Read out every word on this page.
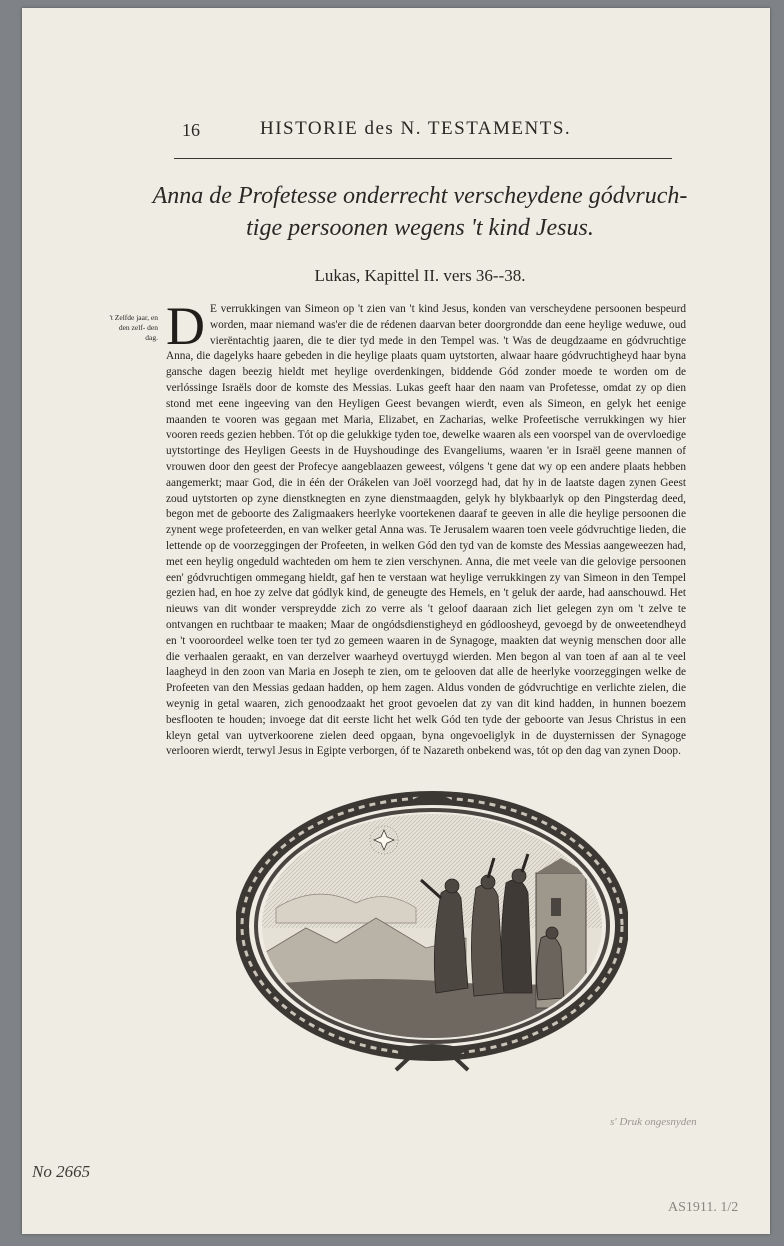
16	HISTORIE des N. TESTAMENTS.
Anna de Profetesse onderrecht verscheydene gódvruch-
tige persoonen wegens 't kind Jesus.
Lukas, Kapittel II. vers 36--38.
't Zelfde jaar, en den zelf- den dag. D E verrukkingen van Simeon op 't zien van 't kind Jesus, konden van verscheydene persoonen bespeurd worden, maar niemand was'er die de rédenen daarvan beter doorgrondde dan eene heylige weduwe, oud vierëntachtig jaaren, die te dier tyd mede in den Tempel was. 't Was de deugdzaame en gódvruchtige Anna, die dagelyks haare gebeden in die heylige plaats quam uytstorten, alwaar haare gódvruchtigheyd haar byna gansche dagen beezig hieldt met heylige overdenkingen, biddende Gód zonder moede te worden om de verlóssinge Israëls door de komste des Messias. Lukas geeft haar den naam van Profetesse, omdat zy op dien stond met eene ingeeving van den Heyligen Geest bevangen wierdt, even als Simeon, en gelyk het eenige maanden te vooren was gegaan met Maria, Elizabet, en Zacharias, welke Profeetische verrukkingen wy hier vooren reeds gezien hebben. Tót op die gelukkige tyden toe, dewelke waaren als een voorspel van de overvloedige uytstortinge des Heyligen Geests in de Huyshoudinge des Evangeliums, waaren 'er in Israël geene mannen of vrouwen door den geest der Profecye aangeblaazen geweest, vólgens 't gene dat wy op een andere plaats hebben aangemerkt; maar God, die in één der Orákelen van Joël voorzegd had, dat hy in de laatste dagen zynen Geest zoud uytstorten op zyne dienstknegten en zyne dienstmaagden, gelyk hy blykbaarlyk op den Pingsterdag deed, begon met de geboorte des Zaligmaakers heerlyke voortekenen daaraf te geeven in alle die heylige persoonen die zynent wege profeteerden, en van welker getal Anna was. Te Jerusalem waaren toen veele gódvruchtige lieden, die lettende op de voorzeggingen der Profeeten, in welken Gód den tyd van de komste des Messias aangeweezen had, met een heylig ongeduld wachteden om hem te zien verschynen. Anna, die met veele van die gelovige persoonen een' gódvruchtigen ommegang hieldt, gaf hen te verstaan wat heylige verrukkingen zy van Simeon in den Tempel gezien had, en hoe zy zelve dat gódlyk kind, de geneugte des Hemels, en 't geluk der aarde, had aanschouwd. Het nieuws van dit wonder verspreydde zich zo verre als 't geloof daaraan zich liet gelegen zyn om 't zelve te ontvangen en ruchtbaar te maaken; Maar de ongódsdienstigheyd en gódloosheyd, gevoegd by de onweetendheyd en 't vooroordeel welke toen ter tyd zo gemeen waaren in de Synagoge, maakten dat weynig menschen door alle die verhaalen geraakt, en van derzelver waarheyd overtuygd wierden. Men begon al van toen af aan al te veel laagheyd in den zoon van Maria en Joseph te zien, om te gelooven dat alle de heerlyke voorzeggingen welke de Profeeten van den Messias gedaan hadden, op hem zagen. Aldus vonden de gódvruchtige en verlichte zielen, die weynig in getal waaren, zich genoodzaakt het groot gevoelen dat zy van dit kind hadden, in hunnen boezem besflooten te houden; invoege dat dit eerste licht het welk Gód ten tyde der geboorte van Jesus Christus in een kleyn getal van uytverkoorene zielen deed opgaan, byna ongevoeliglyk in de duysternissen der Synagoge verlooren wierdt, terwyl Jesus in Egipte verborgen, óf te Nazareth onbekend was, tót op den dag van zynen Doop.
No 2665
s' Druk ongesnyden
AS1911. 1/2
